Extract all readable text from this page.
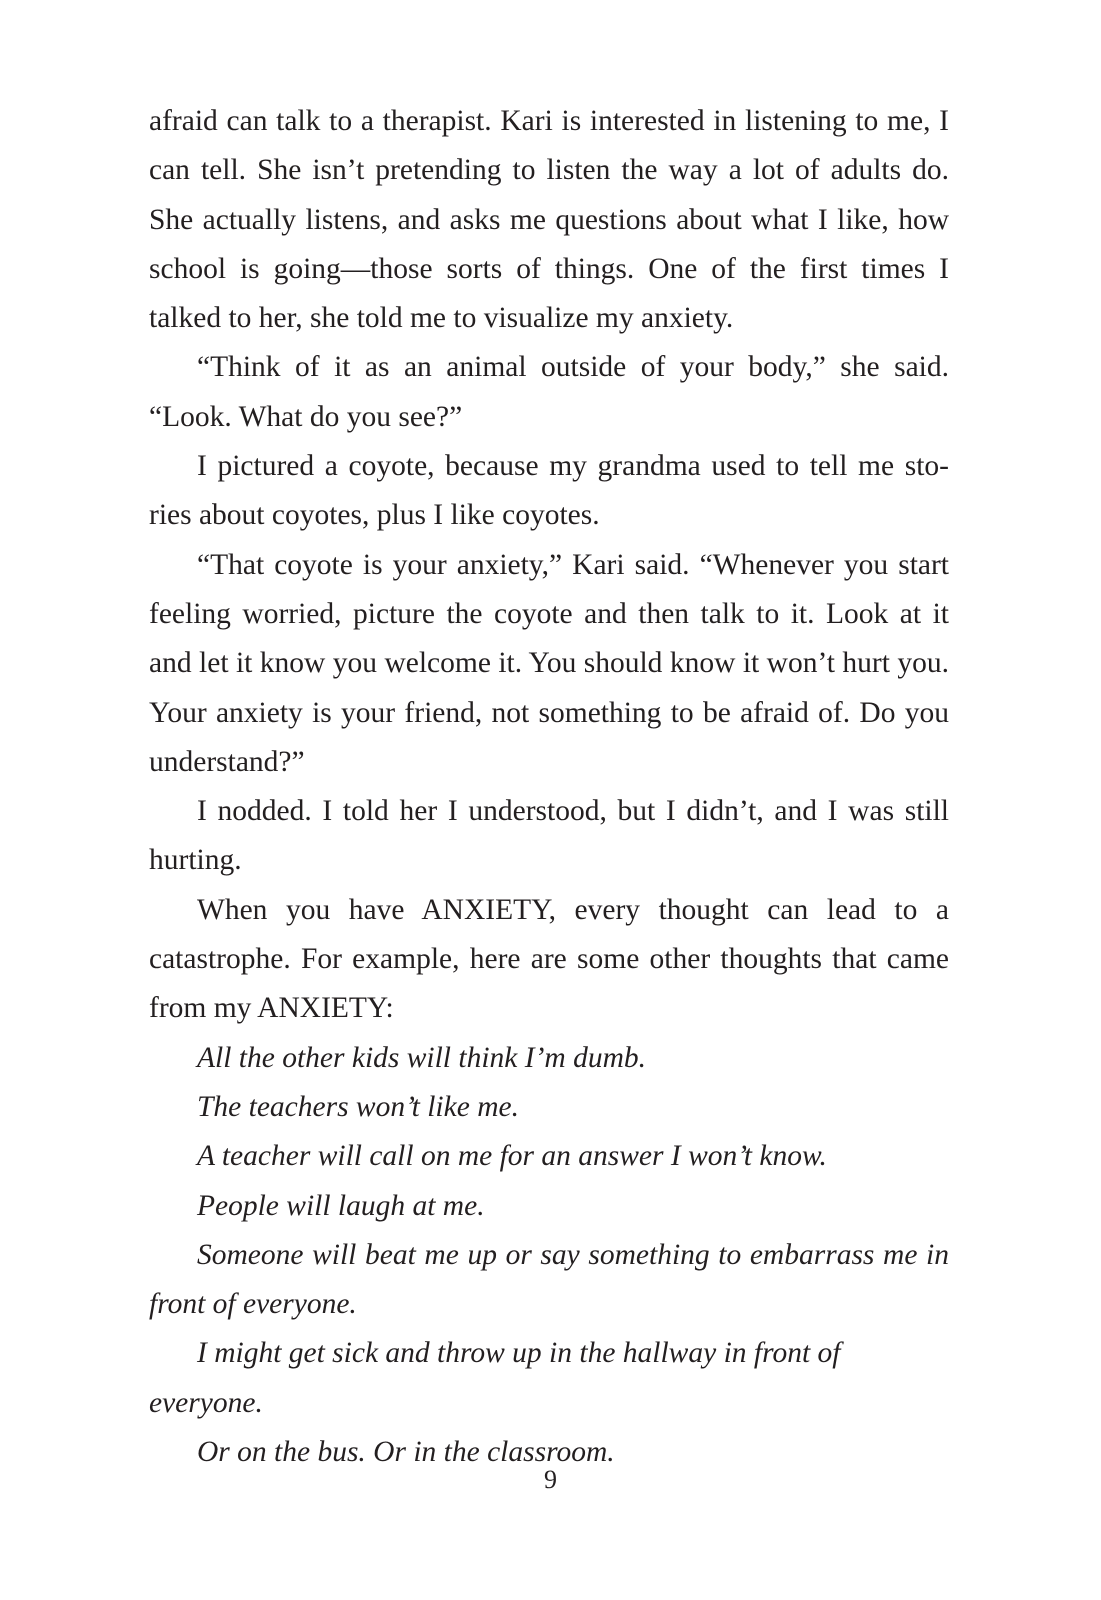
afraid can talk to a therapist. Kari is interested in listening to me, I can tell. She isn’t pretending to listen the way a lot of adults do. She actually listens, and asks me questions about what I like, how school is going—those sorts of things. One of the first times I talked to her, she told me to visualize my anxiety.

“Think of it as an animal outside of your body,” she said. “Look. What do you see?”

I pictured a coyote, because my grandma used to tell me sto-ries about coyotes, plus I like coyotes.

“That coyote is your anxiety,” Kari said. “Whenever you start feeling worried, picture the coyote and then talk to it. Look at it and let it know you welcome it. You should know it won’t hurt you. Your anxiety is your friend, not something to be afraid of. Do you understand?”

I nodded. I told her I understood, but I didn’t, and I was still hurting.

When you have ANXIETY, every thought can lead to a catastrophe. For example, here are some other thoughts that came from my ANXIETY:

All the other kids will think I’m dumb.

The teachers won’t like me.

A teacher will call on me for an answer I won’t know.

People will laugh at me.

Someone will beat me up or say something to embarrass me in front of everyone.

I might get sick and throw up in the hallway in front of everyone.

Or on the bus. Or in the classroom.

9
